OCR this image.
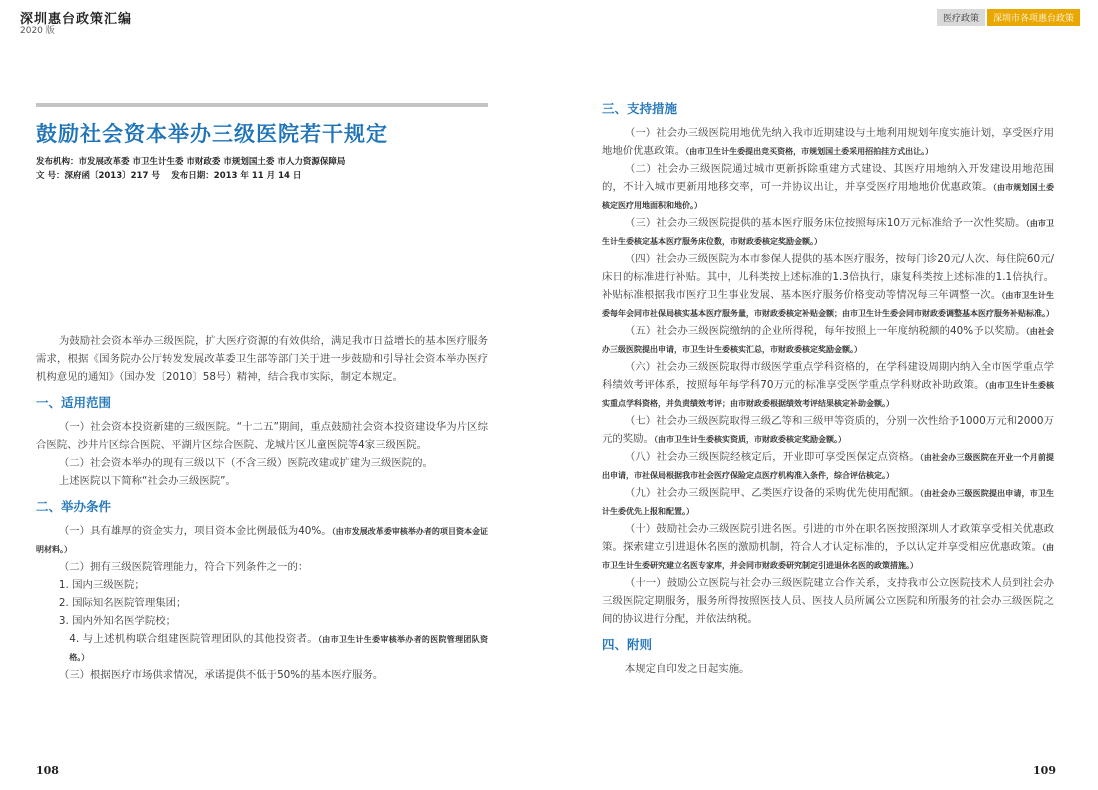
深圳惠台政策汇编
2020 版
医疗政策	深圳市各项惠台政策
鼓励社会资本举办三级医院若干规定
发布机构：市发展改革委 市卫生计生委 市财政委 市规划国土委 市人力资源保障局
文 号：深府函〔2013〕217 号　 发布日期：2013 年 11 月 14 日

为鼓励社会资本举办三级医院，扩大医疗资源的有效供给，满足我市日益增长的基本医疗服务需求，根据《国务院办公厅转发发展改革委卫生部等部门关于进一步鼓励和引导社会资本举办医疗机构意见的通知》（国办发〔2010〕58号）精神，结合我市实际，制定本规定。

一、适用范围

（一）社会资本投资新建的三级医院。“十二五”期间，重点鼓励社会资本投资建设华为片区综合医院、沙井片区综合医院、平湖片区综合医院、龙城片区儿童医院等4家三级医院。

（二）社会资本举办的现有三级以下（不含三级）医院改建或扩建为三级医院的。

上述医院以下简称“社会办三级医院”。

二、举办条件

（一）具有雄厚的资金实力，项目资本金比例最低为40%。（由市发展改革委审核举办者的项目资本金证明材料。）

（二）拥有三级医院管理能力，符合下列条件之一的：

1. 国内三级医院；

2. 国际知名医院管理集团；

3. 国内外知名医学院校；

4. 与上述机构联合组建医院管理团队的其他投资者。（由市卫生计生委审核举办者的医院管理团队资格。）

（三）根据医疗市场供求情况，承诺提供不低于50%的基本医疗服务。

三、支持措施

（一）社会办三级医院用地优先纳入我市近期建设与土地利用规划年度实施计划，享受医疗用地地价优惠政策。（由市卫生计生委提出竞买资格，市规划国土委采用招拍挂方式出让。）

（二）社会办三级医院通过城市更新拆除重建方式建设、其医疗用地纳入开发建设用地范围的，不计入城市更新用地移交率，可一并协议出让，并享受医疗用地地价优惠政策。（由市规划国土委核定医疗用地面积和地价。）

（三）社会办三级医院提供的基本医疗服务床位按照每床10万元标准给予一次性奖励。（由市卫生计生委核定基本医疗服务床位数，市财政委核定奖励金额。）

（四）社会办三级医院为本市参保人提供的基本医疗服务，按每门诊20元/人次、每住院60元/床日的标准进行补贴。其中，儿科类按上述标准的1.3倍执行，康复科类按上述标准的1.1倍执行。补贴标准根据我市医疗卫生事业发展、基本医疗服务价格变动等情况每三年调整一次。（由市卫生计生委每年会同市社保局核实基本医疗服务量，市财政委核定补贴金额；由市卫生计生委会同市财政委调整基本医疗服务补贴标准。）

（五）社会办三级医院缴纳的企业所得税，每年按照上一年度纳税额的40%予以奖励。（由社会办三级医院提出申请，市卫生计生委核实汇总，市财政委核定奖励金额。）

（六）社会办三级医院取得市级医学重点学科资格的，在学科建设周期内纳入全市医学重点学科绩效考评体系，按照每年每学科70万元的标准享受医学重点学科财政补助政策。（由市卫生计生委核实重点学科资格，并负责绩效考评；由市财政委根据绩效考评结果核定补助金额。）

（七）社会办三级医院取得三级乙等和三级甲等资质的，分别一次性给予1000万元和2000万元的奖励。（由市卫生计生委核实资质，市财政委核定奖励金额。）

（八）社会办三级医院经核定后，开业即可享受医保定点资格。（由社会办三级医院在开业一个月前提出申请，市社保局根据我市社会医疗保险定点医疗机构准入条件，综合评估核定。）

（九）社会办三级医院甲、乙类医疗设备的采购优先使用配额。（由社会办三级医院提出申请，市卫生计生委优先上报和配置。）

（十）鼓励社会办三级医院引进名医。引进的市外在职名医按照深圳人才政策享受相关优惠政策。探索建立引进退休名医的激励机制，符合人才认定标准的，予以认定并享受相应优惠政策。（由市卫生计生委研究建立名医专家库，并会同市财政委研究制定引进退休名医的政策措施。）

（十一）鼓励公立医院与社会办三级医院建立合作关系，支持我市公立医院技术人员到社会办三级医院定期服务，服务所得按照医技人员、医技人员所属公立医院和所服务的社会办三级医院之间的协议进行分配，并依法纳税。

四、附则

本规定自印发之日起实施。

108	109
